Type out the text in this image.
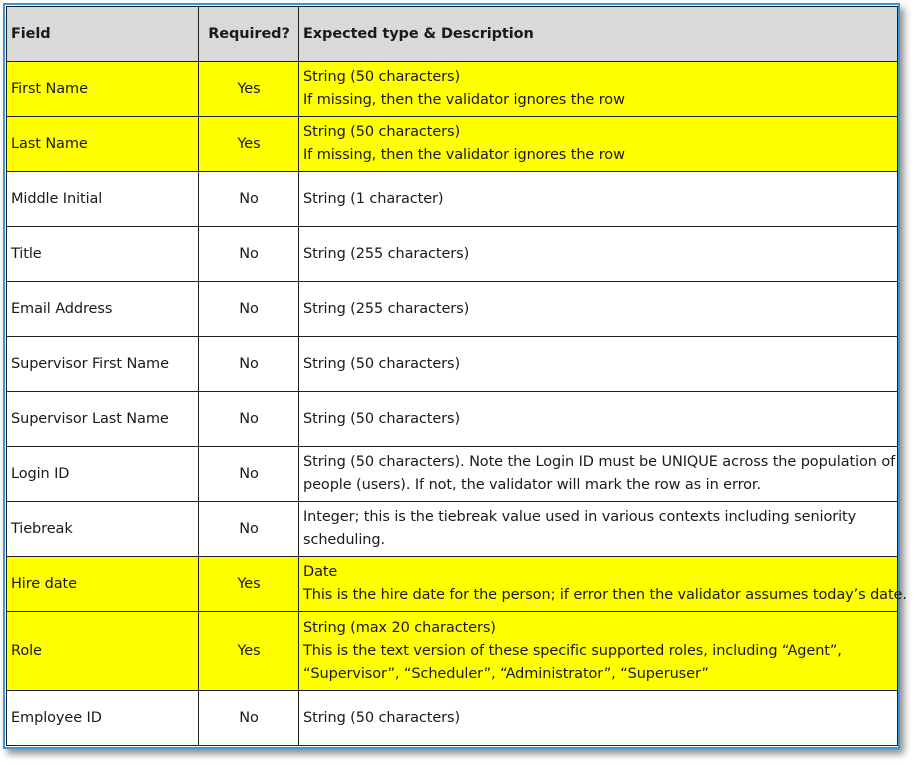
Field	Required?	Expected type & Description
First Name	Yes	String (50 characters)
If missing, then the validator ignores the row

Last Name	Yes	String (50 characters)
If missing, then the validator ignores the row

Middle Initial	No	String (1 character)

Title	No	String (255 characters)

Email Address	No	String (255 characters)

Supervisor First Name	No	String (50 characters)

Supervisor Last Name	No	String (50 characters)

Login ID	No	String (50 characters). Note the Login ID must be UNIQUE across the population of
people (users). If not, the validator will mark the row as in error.

Tiebreak	No	Integer; this is the tiebreak value used in various contexts including seniority
scheduling.

Hire date	Yes	Date
This is the hire date for the person; if error then the validator assumes today’s date.

Role	Yes	String (max 20 characters)
This is the text version of these specific supported roles, including “Agent”,
“Supervisor”, “Scheduler”, “Administrator”, “Superuser”

Employee ID	No	String (50 characters)
